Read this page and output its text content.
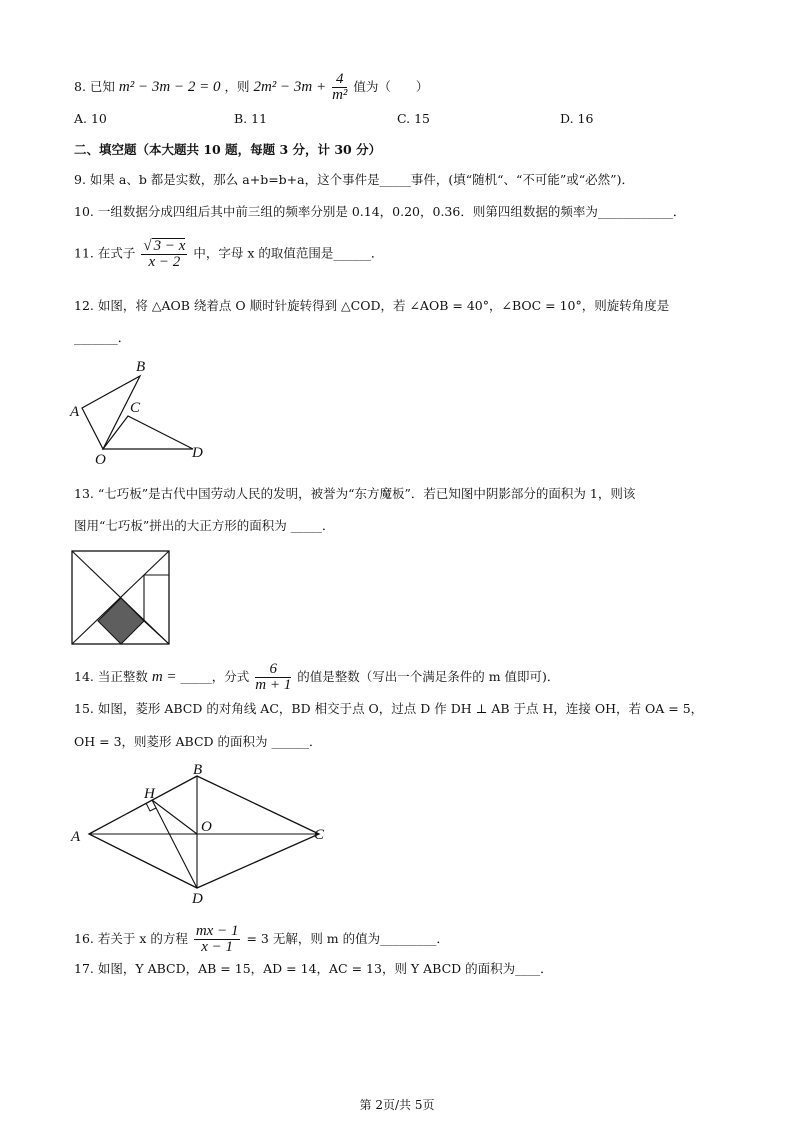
8. 已知 m² − 3m − 2 = 0 ，则 $2m^2 - 3m + \frac{4}{\text{m²}}$ 值为（　　）
A. 10	B. 11	C. 15	D. 16
二、填空题（本大题共 10 题，每题 3 分，计 30 分）
9. 如果 a、b 都是实数，那么 a+b=b+a，这个事件是_____事件，(填“随机“、“不可能”或“必然”)．
10. 一组数据分成四组后其中前三组的频率分别是 0.14，0.20，0.36．则第四组数据的频率为____________．
11. 在式子 $\frac{√ 3 - x}{x - 2}$ 中，字母 x 的取值范围是______．
12. 如图，将 △AOB 绕着点 O 顺时针旋转得到 △COD，若 ∠AOB = 40°，∠BOC = 10°，则旋转角度是
_______．
B
A	C
O	D
13. “七巧板”是古代中国劳动人民的发明，被誉为“东方魔板”．若已知图中阴影部分的面积为 1，则该
图用“七巧板”拼出的大正方形的面积为 _____．
14. 当正整数 m = _____，分式 $\frac{6}{m + 1}$ 的值是整数（写出一个满足条件的 m 值即可)．
15. 如图，菱形 ABCD 的对角线 AC，BD 相交于点 O，过点 D 作 DH ⊥ AB 于点 H，连接 OH，若 OA = 5，
OH = 3，则菱形 ABCD 的面积为 ______．
B
H
A
O	C
D
16. 若关于 x 的方程 $\frac{mx - 1}{x - 1} = 3$ 无解，则 m 的值为_________．
17. 如图，Y ABCD，AB = 15，AD = 14，AC = 13，则 Y ABCD 的面积为____．
第 2页/共 5页
